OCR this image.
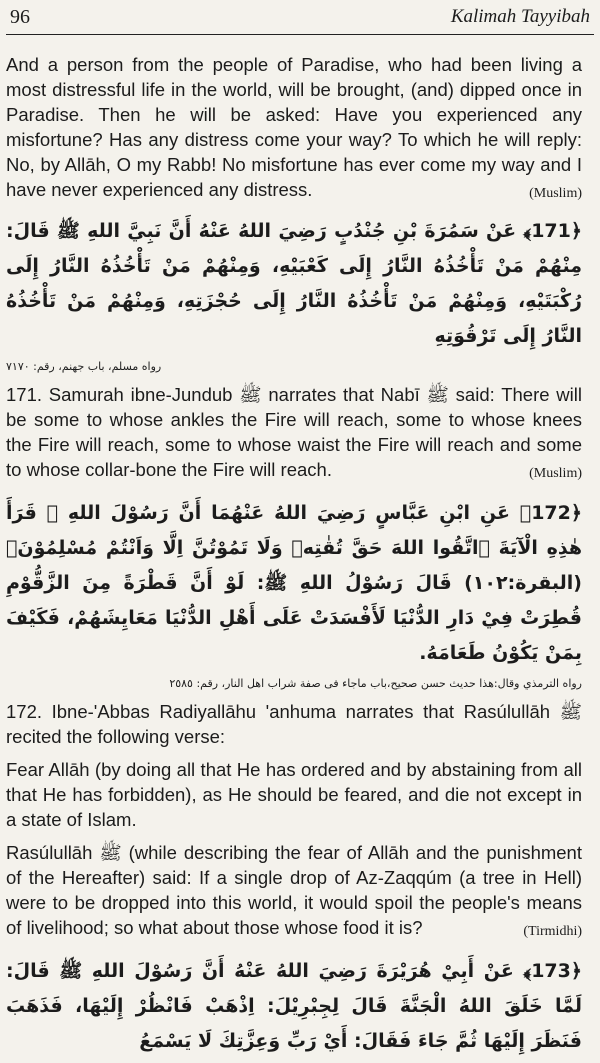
96	Kalimah Tayyibah

And a person from the people of Paradise, who had been living a most distressful life in the world, will be brought, (and) dipped once in Paradise. Then he will be asked: Have you experienced any misfortune? Has any distress come your way? To which he will reply: No, by Allāh, O my Rabb! No misfortune has ever come my way and I have never experienced any distress.	(Muslim)

﴿171﴾ عَنْ سَمُرَةَ بْنِ جُنْدُبٍ رَضِيَ اللهُ عَنْهُ أَنَّ نَبِيَّ اللهِ ﷺ قَالَ: مِنْهُمْ مَنْ تَأْخُذُهُ النَّارُ إِلَى كَعْبَيْهِ، وَمِنْهُمْ مَنْ تَأْخُذُهُ النَّارُ إِلَى رُكْبَتَيْهِ، وَمِنْهُمْ مَنْ تَأْخُذُهُ النَّارُ إِلَى حُجْزَتِهِ، وَمِنْهُمْ مَنْ تَأْخُذُهُ النَّارُ إِلَى تَرْقُوَتِهِ
رواه مسلم، باب جهنم، رقم: ٧١٧٠

171. Samurah ibne-Jundub ﷺ narrates that Nabī ﷺ said: There will be some to whose ankles the Fire will reach, some to whose knees the Fire will reach, some to whose waist the Fire will reach and some to whose collar-bone the Fire will reach.	(Muslim)

﴿172﴾ عَنِ ابْنِ عَبَّاسٍ رَضِيَ اللهُ عَنْهُمَا أَنَّ رَسُوْلَ اللهِ ﷺ قَرَأَ هٰذِهِ الْآيَةَ ﴿اتَّقُوا اللهَ حَقَّ تُقٰتِهٖ وَلَا تَمُوْتُنَّ اِلَّا وَاَنْتُمْ مُسْلِمُوْنَ﴾ (البقرة:١٠٢) قَالَ رَسُوْلُ اللهِ ﷺ: لَوْ أَنَّ قَطْرَةً مِنَ الزَّقُّوْمِ قُطِرَتْ فِيْ دَارِ الدُّنْيَا لَأَفْسَدَتْ عَلَى أَهْلِ الدُّنْيَا مَعَايِشَهُمْ، فَكَيْفَ بِمَنْ يَكُوْنُ طَعَامَهُ.
رواه الترمذي وقال:هذا حديث حسن صحيح،باب ماجاء فى صفة شراب اهل النار، رقم: ٢٥٨٥

172. Ibne-'Abbas Radiyallāhu 'anhuma narrates that Rasúlullāh ﷺ recited the following verse:

Fear Allāh (by doing all that He has ordered and by abstaining from all that He has forbidden), as He should be feared, and die not except in a state of Islam.

Rasúlullāh ﷺ (while describing the fear of Allāh and the punishment of the Hereafter) said: If a single drop of Az-Zaqqúm (a tree in Hell) were to be dropped into this world, it would spoil the people's means of livelihood; so what about those whose food it is?	(Tirmidhi)

﴿173﴾ عَنْ أَبِيْ هُرَيْرَةَ رَضِيَ اللهُ عَنْهُ أَنَّ رَسُوْلَ اللهِ ﷺ قَالَ: لَمَّا خَلَقَ اللهُ الْجَنَّةَ قَالَ لِجِبْرِيْلَ: اِذْهَبْ فَانْظُرْ إِلَيْهَا، فَذَهَبَ فَنَظَرَ إِلَيْهَا ثُمَّ جَاءَ فَقَالَ: أَيْ رَبِّ وَعِزَّتِكَ لَا يَسْمَعُ
